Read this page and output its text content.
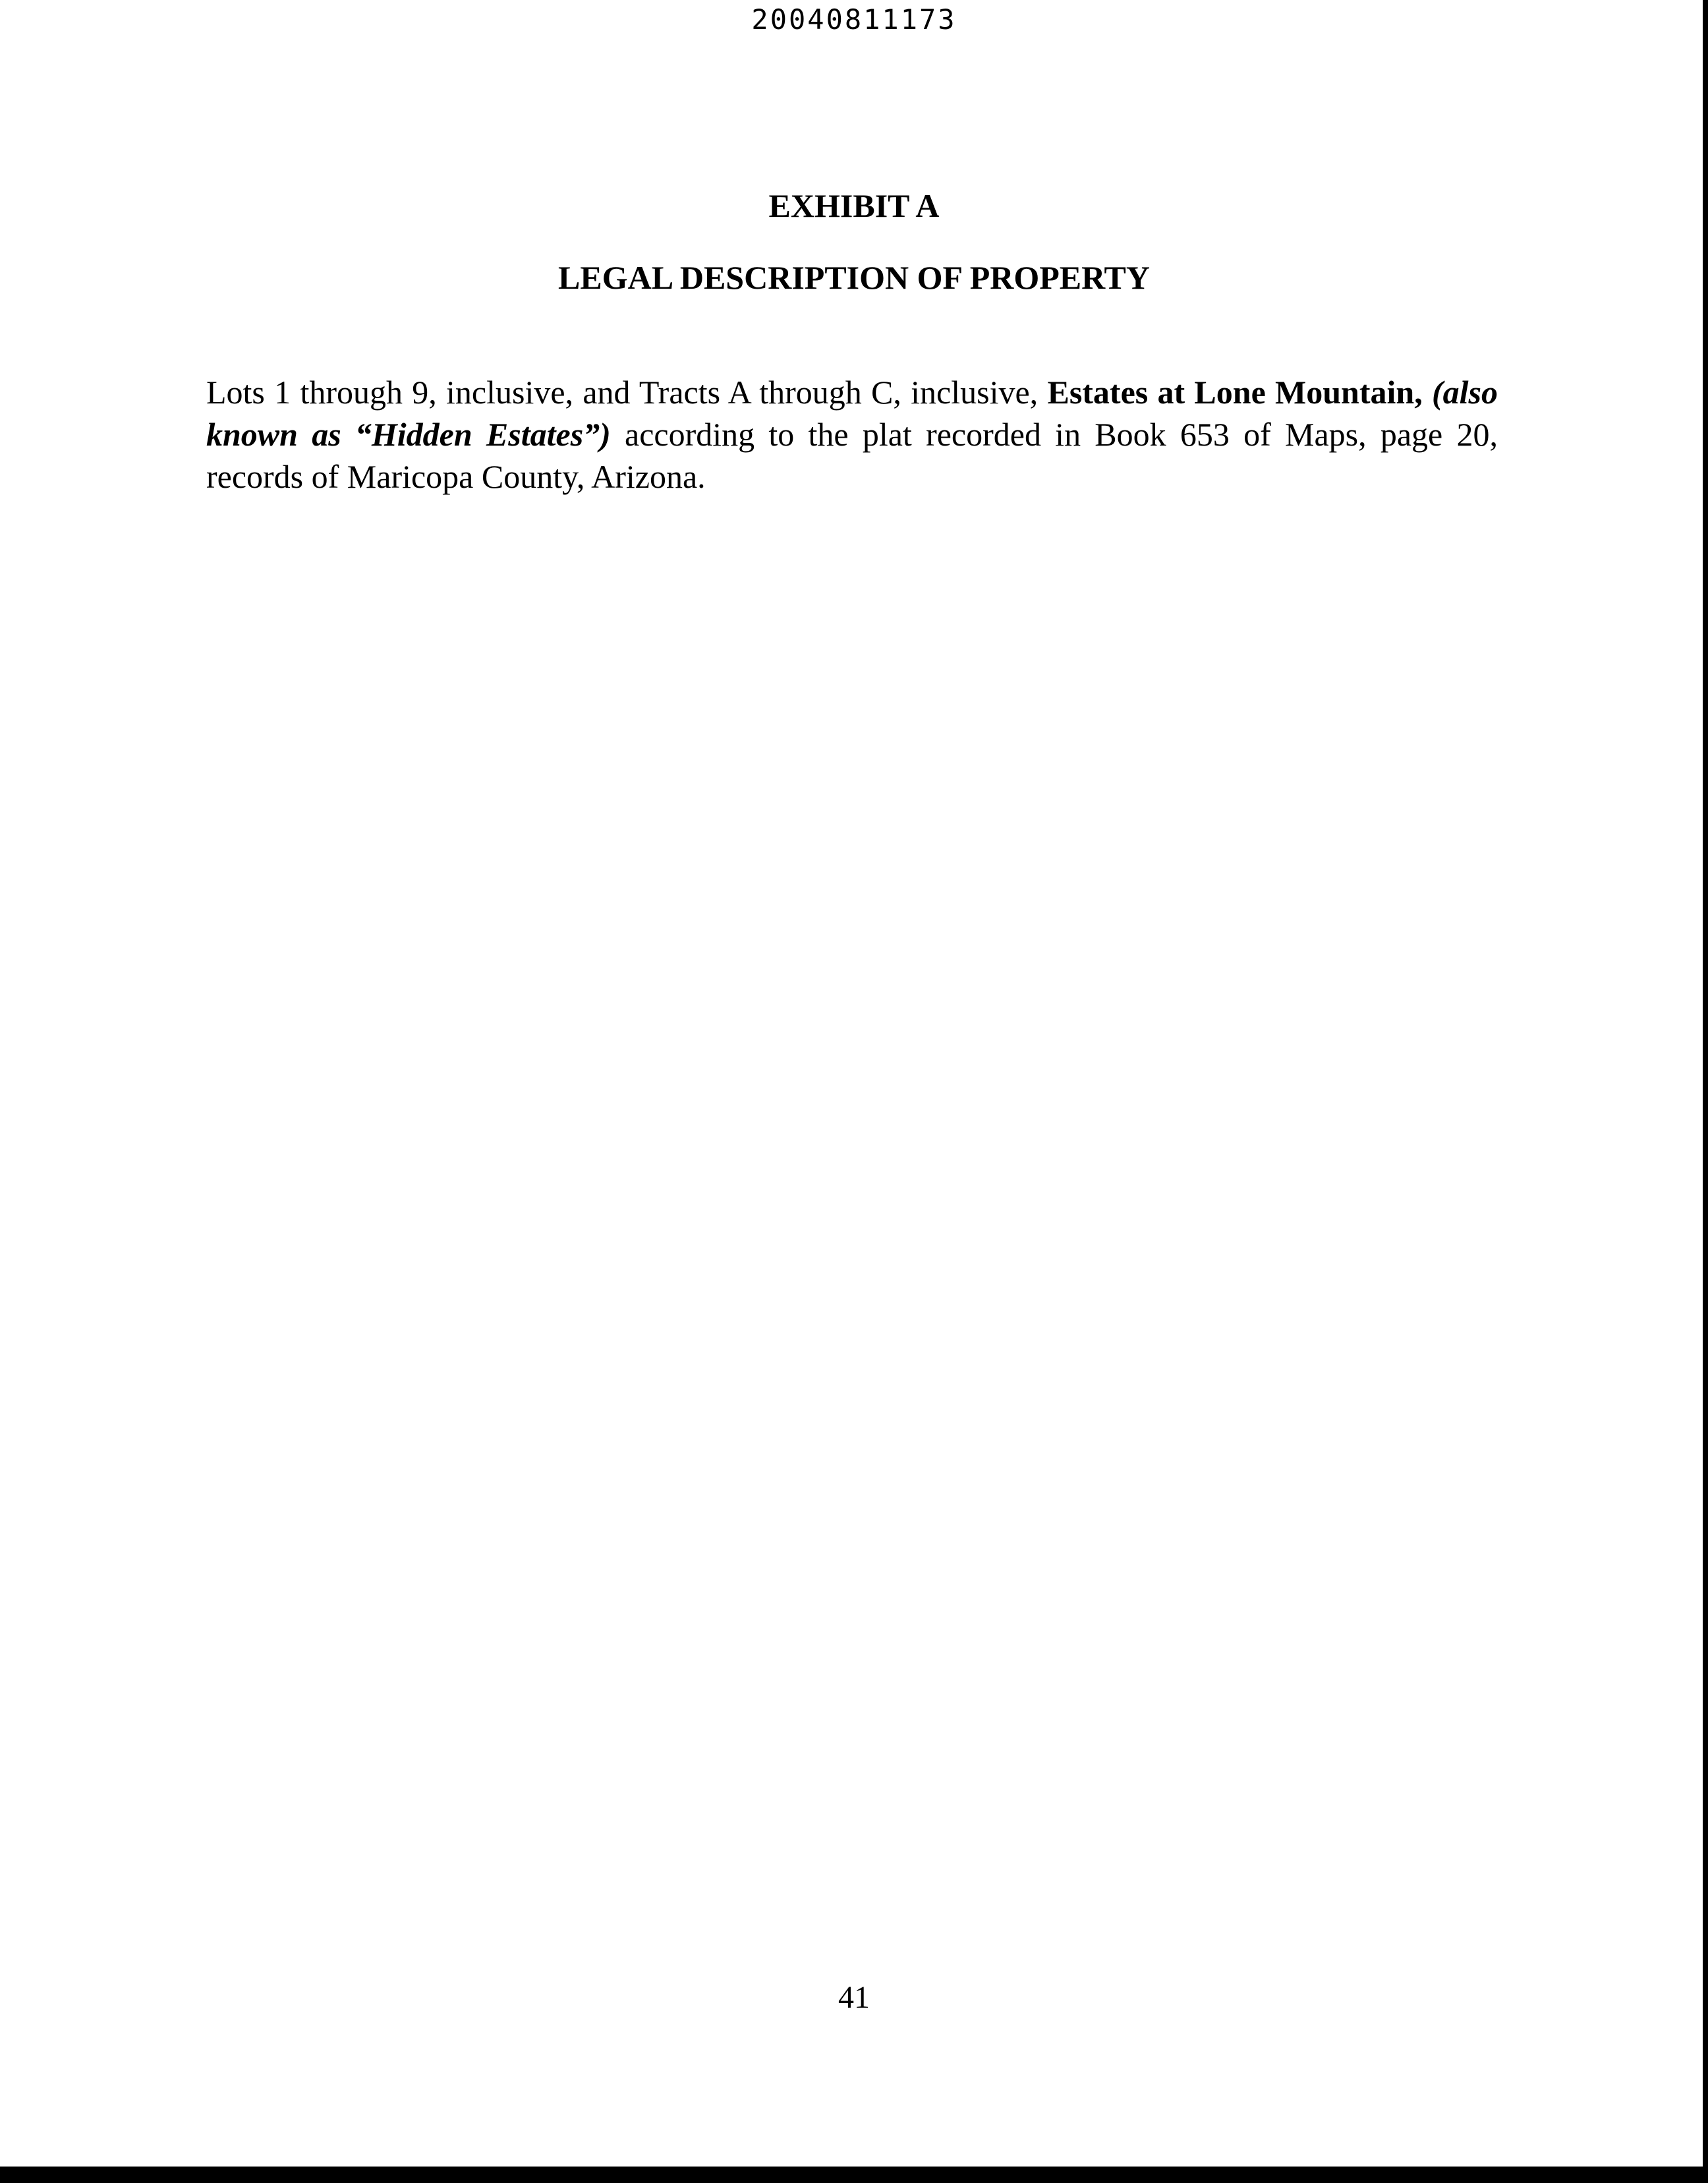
20040811173
EXHIBIT A
LEGAL DESCRIPTION OF PROPERTY

Lots 1 through 9, inclusive, and Tracts A through C, inclusive, Estates at Lone Mountain, (also known as “Hidden Estates”) according to the plat recorded in Book 653 of Maps, page 20, records of Maricopa County, Arizona.

41
